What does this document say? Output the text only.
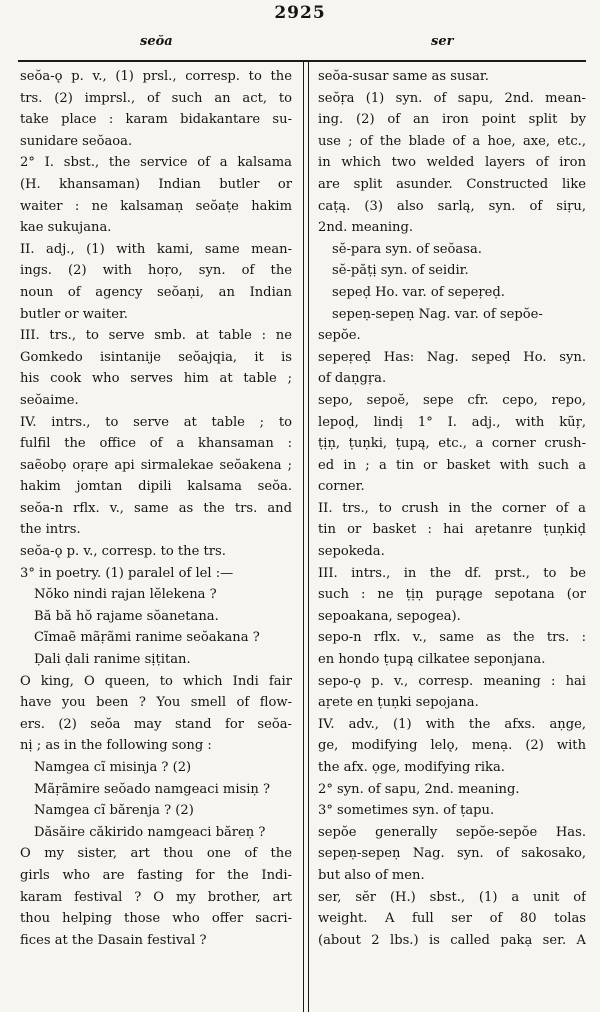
2925
seŏa	ser
seŏa-ǫ p. v., (1) prsl., corresp. to the
trs. (2) imprsl., of such an act, to
take place : karam bidakantare su-
sunidare seŏaoa.
2° I. sbst., the service of a kalsama
(H. khansaman) Indian butler or
waiter : ne kalsamaṇ seŏaṭe hakim
kae sukujana.
II. adj., (1) with kami, same mean-
ings. (2) with hoṛo, syn. of the
noun of agency seŏaṇi, an Indian
butler or waiter.
III. trs., to serve smb. at table : ne
Gomkedo isintanije seŏajqia, it is
his cook who serves him at table ;
seŏaime.
IV. intrs., to serve at table ; to
fulfil the office of a khansaman :
saẽobọ oṛaṛe api sirmalekae seŏakena ;
hakim jomtan dipili kalsama seŏa.
seŏa-n rflx. v., same as the trs. and
the intrs.
seŏa-ǫ p. v., corresp. to the trs.
3° in poetry. (1) paralel of lel :—
Nŏko nindi rajan lĕlekena ?
Bă bă hŏ rajame sŏanetana.
Cĩmaẽ mãṛãmi ranime seŏakana ?
Ḍali ḍali ranime sịṭitan.
O king, O queen, to which Indi fair
have you been ? You smell of flow-
ers. (2) seŏa may stand for seŏa-
nị ; as in the following song :
Namgea cĩ misinja ? (2)
Mãṛãmire seŏado namgeaci misiṇ ?
Namgea cĩ bărenja ? (2)
Dăsăire căkirido namgeaci băreṇ ?
O my sister, art thou one of the
girls who are fasting for the Indi-
karam festival ? O my brother, art
thou helping those who offer sacri-
fices at the Dasain festival ?
seŏa-susar same as susar.
seŏṛa (1) syn. of sapu, 2nd. mean-
ing. (2) of an iron point split by
use ; of the blade of a hoe, axe, etc.,
in which two welded layers of iron
are split asunder. Constructed like
caṭą. (3) also sarlą, syn. of siṛu,
2nd. meaning.
sĕ-para syn. of seŏasa.
sĕ-păṭị syn. of seidir.
sepeḍ Ho. var. of sepeṛeḍ.
sepeṇ-sepeṇ Nag. var. of sepŏe-
sepŏe.
sepeṛeḍ Has: Nag. sepeḍ Ho. syn.
of daṇgṛa.
sepo, sepoĕ, sepe cfr. cepo, repo,
lepoḍ, lindị 1° I. adj., with kũṛ,
ṭịṇ, ṭuṇki, ṭupą, etc., a corner crush-
ed in ; a tin or basket with such a
corner.
II. trs., to crush in the corner of a
tin or basket : hai aṛetanre ṭuṇkiḍ
sepokeda.
III. intrs., in the df. prst., to be
such : ne ṭịṇ puṛąge sepotana (or
sepoakana, sepogea).
sepo-n rflx. v., same as the trs. :
en hondo ṭupą cilkatee seponjana.
sepo-ǫ p. v., corresp. meaning : hai
aṛete en ṭuṇki sepojana.
IV. adv., (1) with the afxs. aṇge,
ge, modifying lelǫ, menạ. (2) with
the afx. ọge, modifying rika.
2° syn. of sapu, 2nd. meaning.
3° sometimes syn. of ṭapu.
sepŏe generally sepŏe-sepŏe Has.
sepeṇ-sepeṇ Nag. syn. of sakosako,
but also of men.
ser, sĕr (H.) sbst., (1) a unit of
weight. A full ser of 80 tolas
(about 2 lbs.) is called pakạ ser. A
